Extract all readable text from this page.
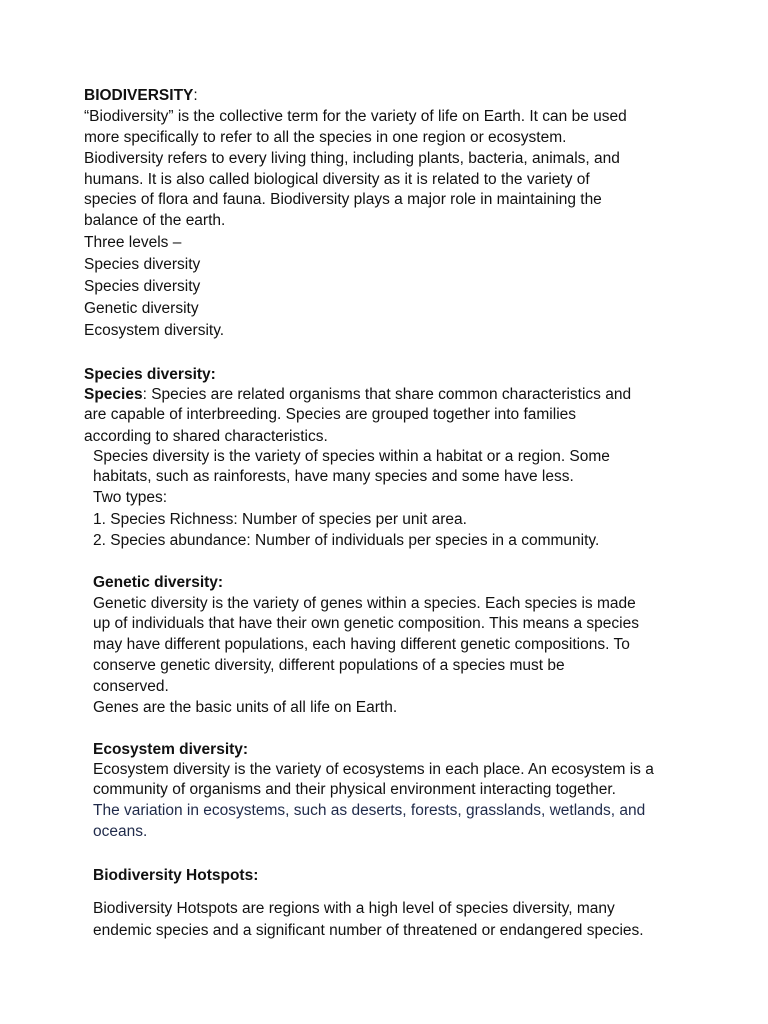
BIODIVERSITY:
“Biodiversity” is the collective term for the variety of life on Earth. It can be used
more specifically to refer to all the species in one region or ecosystem.
Biodiversity refers to every living thing, including plants, bacteria, animals, and
humans. It is also called biological diversity as it is related to the variety of
species of flora and fauna. Biodiversity plays a major role in maintaining the
balance of the earth.
Three levels –
Species diversity
Species diversity
Genetic diversity
Ecosystem diversity.
Species diversity:
Species: Species are related organisms that share common characteristics and
are capable of interbreeding. Species are grouped together into families
according to shared characteristics.
Species diversity is the variety of species within a habitat or a region. Some
habitats, such as rainforests, have many species and some have less.
Two types:
1. Species Richness: Number of species per unit area.
2. Species abundance: Number of individuals per species in a community.
Genetic diversity:
Genetic diversity is the variety of genes within a species. Each species is made
up of individuals that have their own genetic composition. This means a species
may have different populations, each having different genetic compositions. To
conserve genetic diversity, different populations of a species must be
conserved.
Genes are the basic units of all life on Earth.
Ecosystem diversity:
Ecosystem diversity is the variety of ecosystems in each place. An ecosystem is a
community of organisms and their physical environment interacting together.
The variation in ecosystems, such as deserts, forests, grasslands, wetlands, and
oceans.
Biodiversity Hotspots:
Biodiversity Hotspots are regions with a high level of species diversity, many
endemic species and a significant number of threatened or endangered species.
